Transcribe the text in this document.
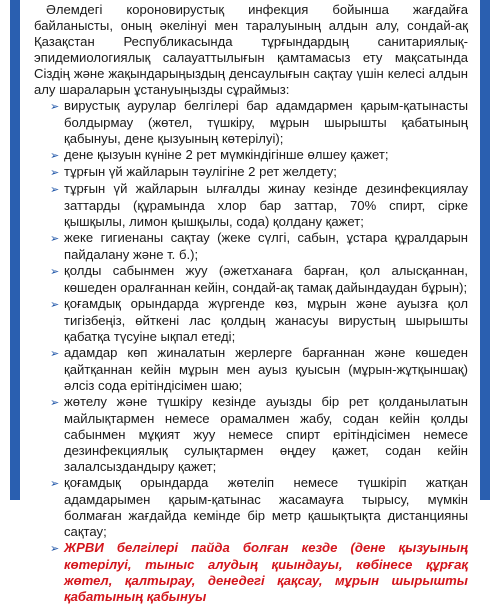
Әлемдегі короновирустық инфекция бойынша жағдайға байланысты, оның әкелінуі мен таралуының алдын алу, сондай-ақ Қазақстан Республикасында тұрғындардың санитариялық-эпидемиологиялық салауаттылығын қамтамасыз ету мақсатында Сіздің және жақындарыңыздың денсаулығын сақтау үшін келесі алдын алу шараларын ұстануыңызды сұраймыз:

➢ вирустық аурулар белгілері бар адамдармен қарым-қатынасты болдырмау (жөтел, түшкіру, мұрын шырышты қабатының қабынуы, дене қызуының көтерілуі);

➢ дене қызуын күніне 2 рет мүмкіндігінше өлшеу қажет;

➢ тұрғын үй жайларын тәулігіне 2 рет желдету;

➢ тұрғын үй жайларын ылғалды жинау кезінде дезинфекциялау заттарды (құрамында хлор бар заттар, 70% спирт, сірке қышқылы, лимон қышқылы, сода) қолдану қажет;

➢ жеке гигиенаны сақтау (жеке сүлгі, сабын, ұстара құралдарын пайдалану және т. б.);

➢ қолды сабынмен жуу (әжетханаға барған, қол алысқаннан, көшеден оралғаннан кейін, сондай-ақ тамақ дайындаудан бұрын);

➢ қоғамдық орындарда жүргенде көз, мұрын және ауызға қол тигізбеңіз, өйткені лас қолдың жанасуы вирустың шырышты қабатқа түсуіне ықпал етеді;

➢ адамдар көп жиналатын жерлерге барғаннан және көшеден қайтқаннан кейін мұрын мен ауыз қуысын (мұрын-жұтқыншақ) әлсіз сода ерітіндісімен шаю;

➢ жөтелу және түшкіру кезінде ауызды бір рет қолданылатын майлықтармен немесе орамалмен жабу, содан кейін қолды сабынмен мұқият жуу немесе спирт ерітіндісімен немесе дезинфекциялық сулықтармен өңдеу қажет, содан кейін залалсыздандыру қажет;

➢ қоғамдық орындарда жөтеліп немесе түшкіріп жатқан адамдарымен қарым-қатынас жасамауға тырысу, мүмкін болмаған жағдайда кемінде бір метр қашықтықта дистанцияны сақтау;

➢ ЖРВИ белгілері пайда болған кезде (дене қызуының көтерілуі, тыныс алудың қиындауы, көбінесе құрғақ жөтел, қалтырау, денедегі қақсау, мұрын шырышты қабатының қабынуы
